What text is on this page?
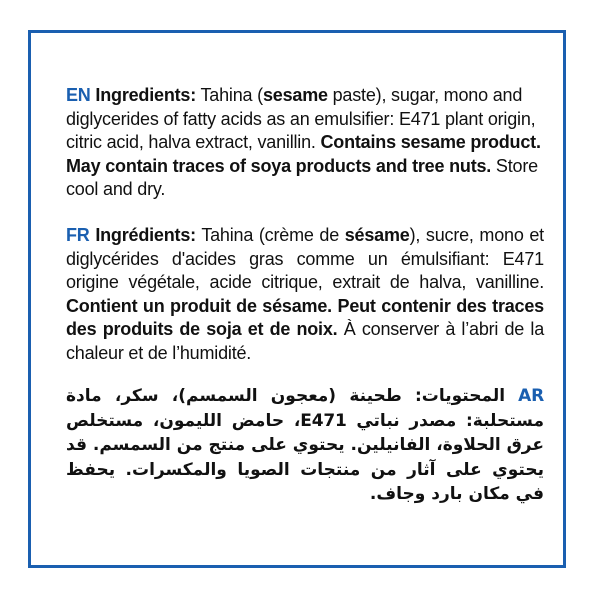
EN Ingredients: Tahina (sesame paste), sugar, mono and diglycerides of fatty acids as an emulsifier: E471 plant origin, citric acid, halva extract, vanillin. Contains sesame product. May contain traces of soya products and tree nuts. Store cool and dry.

FR Ingrédients: Tahina (crème de sésame), sucre, mono et diglycérides d'acides gras comme un émulsifiant: E471 origine végétale, acide citrique, extrait de halva, vanilline. Contient un produit de sésame. Peut contenir des traces des produits de soja et de noix. À conserver à l’abri de la chaleur et de l’humidité.

AR المحتويات: طحينة (معجون السمسم)، سكر، مادة مستحلبة: مصدر نباتي E471، حامض الليمون، مستخلص عرق الحلاوة، الفانيلين. يحتوي على منتج من السمسم. قد يحتوي على آثار من منتجات الصويا والمكسرات. يحفظ في مكان بارد وجاف.
